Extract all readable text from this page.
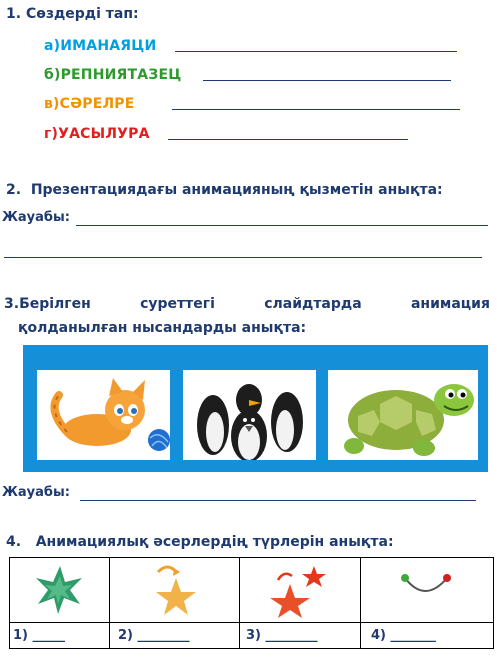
1. Сөздерді тап:
а)ИМАНАЯЦИ
б)РЕПНИЯТАЗЕЦ
в)СӘРЕЛРЕ
г)УАСЫЛУРА
2. Презентациядағы анимацияның қызметін анықта:
Жауабы:
3.Берілген	суреттегі	слайдтарда	анимация
қолданылған нысандарды анықта:
Жауабы:
4. Анимациялық әсерлердің түрлерін анықта:

1) _____	2) ________	3) ________	4) _______
